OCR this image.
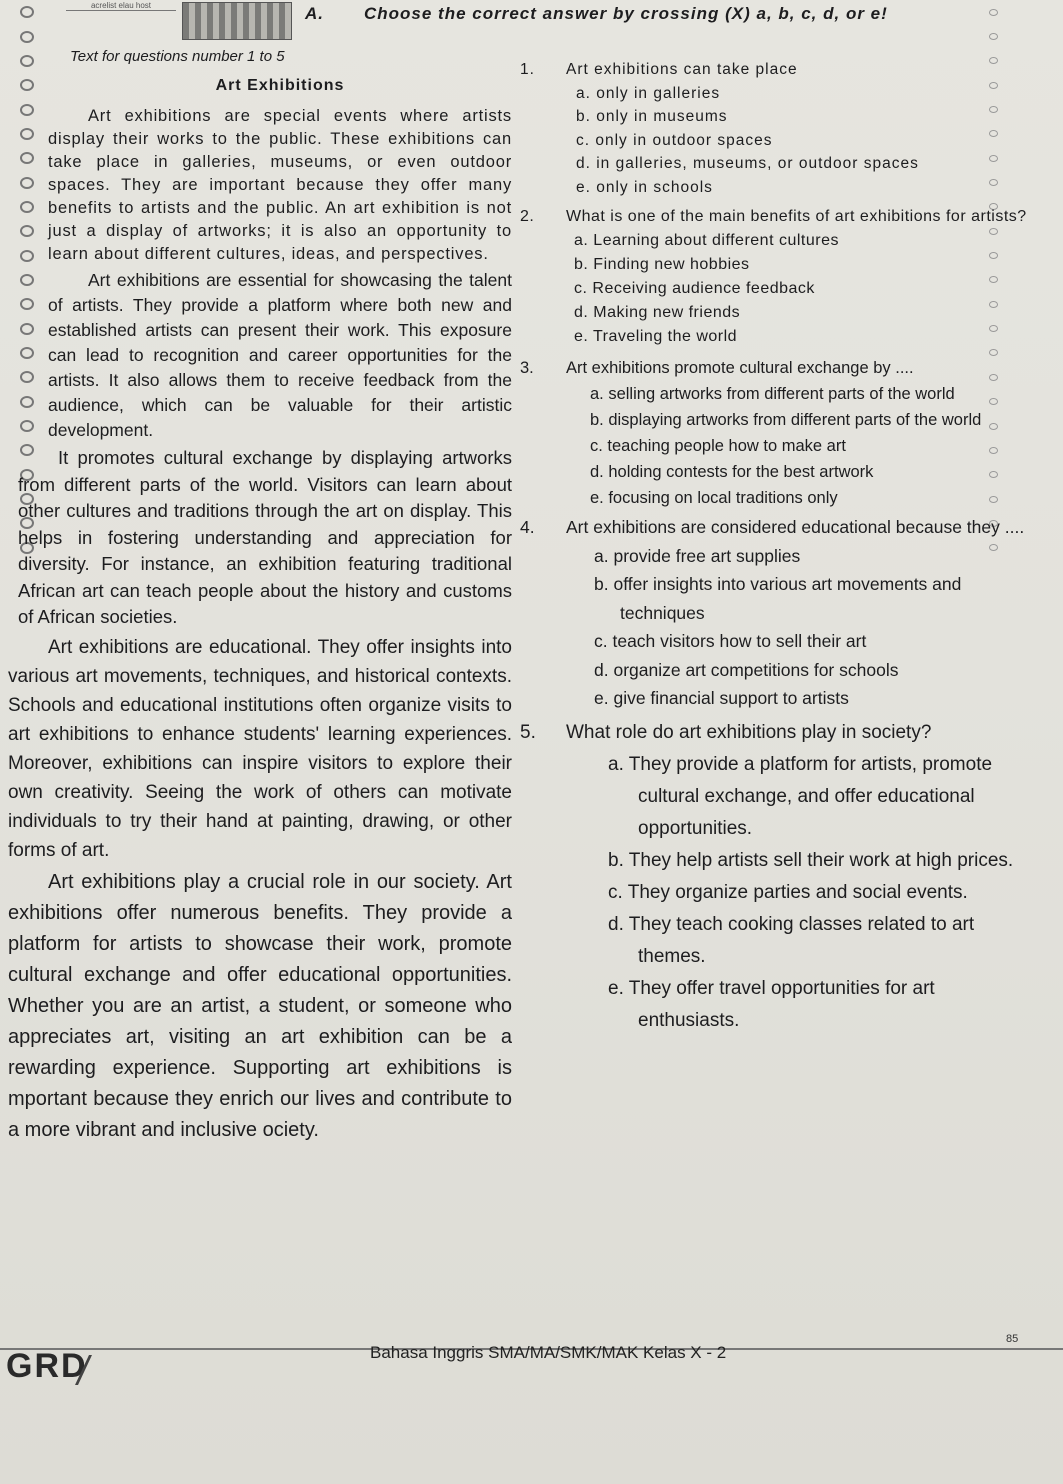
acrelist elau host	A. Choose the correct answer by crossing (X) a, b, c, d, or e!
Text for questions number 1 to 5
Art Exhibitions

Art exhibitions are special events where artists display their works to the public. These exhibitions can take place in galleries, museums, or even outdoor spaces. They are important because they offer many benefits to artists and the public. An art exhibition is not just a display of artworks; it is also an opportunity to learn about different cultures, ideas, and perspectives.

Art exhibitions are essential for showcasing the talent of artists. They provide a platform where both new and established artists can present their work. This exposure can lead to recognition and career opportunities for the artists. It also allows them to receive feedback from the audience, which can be valuable for their artistic development.

It promotes cultural exchange by displaying artworks from different parts of the world. Visitors can learn about other cultures and traditions through the art on display. This helps in fostering understanding and appreciation for diversity. For instance, an exhibition featuring traditional African art can teach people about the history and customs of African societies.

Art exhibitions are educational. They offer insights into various art movements, techniques, and historical contexts. Schools and educational institutions often organize visits to art exhibitions to enhance students' learning experiences. Moreover, exhibitions can inspire visitors to explore their own creativity. Seeing the work of others can motivate individuals to try their hand at painting, drawing, or other forms of art.

Art exhibitions play a crucial role in our society. Art exhibitions offer numerous benefits. They provide a platform for artists to showcase their work, promote cultural exchange and offer educational opportunities. Whether you are an artist, a student, or someone who appreciates art, visiting an art exhibition can be a rewarding experience. Supporting art exhibitions is mportant because they enrich our lives and contribute to a more vibrant and inclusive ociety.

1.	Art exhibitions can take place
a. only in galleries
b. only in museums
c. only in outdoor spaces
d. in galleries, museums, or outdoor spaces
e. only in schools
2.	What is one of the main benefits of art exhibitions for artists?
a. Learning about different cultures
b. Finding new hobbies
c. Receiving audience feedback
d. Making new friends
e. Traveling the world
3.	Art exhibitions promote cultural exchange by ....
a. selling artworks from different parts of the world
b. displaying artworks from different parts of the world
c. teaching people how to make art
d. holding contests for the best artwork
e. focusing on local traditions only
4.	Art exhibitions are considered educational because they ....
a. provide free art supplies
b. offer insights into various art movements and techniques
c. teach visitors how to sell their art
d. organize art competitions for schools
e. give financial support to artists
5.	What role do art exhibitions play in society?
a. They provide a platform for artists, promote cultural exchange, and offer educational opportunities.
b. They help artists sell their work at high prices.
c. They organize parties and social events.
d. They teach cooking classes related to art themes.
e. They offer travel opportunities for art enthusiasts.
GRD	Bahasa Inggris SMA/MA/SMK/MAK Kelas X - 2
85
